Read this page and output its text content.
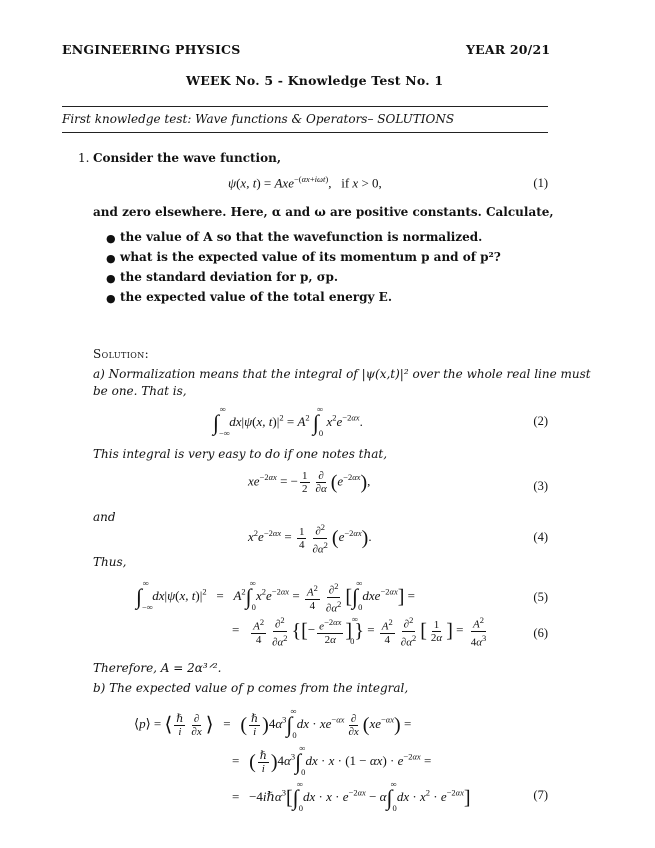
ENGINEERING PHYSICS	YEAR 20/21
WEEK No. 5 - Knowledge Test No. 1
First knowledge test: Wave functions & Operators– SOLUTIONS
1. Consider the wave function,
ψ(x, t) = Axe$^{-(\alpha x+i\omega t)}$,   if x > 0,	(1)
and zero elsewhere. Here, α and ω are positive constants. Calculate,
● the value of A so that the wavefunction is normalized.
● what is the expected value of its momentum p and of p²?
● the standard deviation for p, σp.
● the expected value of the total energy E.
Solution:
a) Normalization means that the integral of |ψ(x,t)|² over the whole real line must
be one. That is,
$\int_{-\infty}^\infty$ dx|ψ(x, $t)|^2 = A^2$ $\int_0^\infty$ $x^2e^{-2\alpha x}$.	(2)
This integral is very easy to do if one notes that,
$xe^{-2\alpha x}$ = − $\frac{1}{2} \frac{\partial}{\partial\alpha} (e^{-2\alpha x})$,	(3)
and
$x^2e^{-2\alpha x} = \frac{1}{4} \frac{\partial^2}{\partial\alpha^2} (e^{-2\alpha x})$.	(4)
Thus,
$\int_{-\infty}^\infty$ dx|ψ(x, $t)|^2 = A^2\int_0^\infty x^2e^{-2\alpha x} = \frac{A^2}{4} \frac{\partial^2}{\partial\alpha^2} [\int_0^\infty dxe^{-2\alpha x}]$ =	(5)
= $\frac{A^2}{4} \frac{\partial^2}{\partial\alpha^2}$ {[− $\frac{e^{-2\alpha x}}{2\alpha} ]^\infty_0\} = \frac{A^2}{4} \frac{\partial^2}{\partial\alpha^2}$ [ $\frac{1}{2\alpha}$ ] = $\frac{A^2}{4\alpha^3}$	(6)
Therefore, A = 2α³ᐟ².
b) The expected value of p comes from the integral,
⟨p⟩ = ⟨ $\frac{\text{ℏ}}{i} \frac{\partial}{\partial x}$ ⟩   =   ( $\frac{\text{ℏ}}{i} )4\alpha^3\int_0^\infty dx \cdot xe^{-\alpha x} \frac{\partial}{\partial x} (xe^{-\alpha x})$ =
=   ( $\frac{\text{ℏ}}{i} )4\alpha^3\int_0^\infty dx \cdot x \cdot (1 - \alpha x) \cdot e^{-2\alpha x}$ =
=   $-4i\hbar\alpha^3[\int_0^\infty dx \cdot x \cdot e^{-2\alpha x} - \alpha\int_0^\infty dx \cdot x^2 \cdot e^{-2\alpha x}]$	(7)
